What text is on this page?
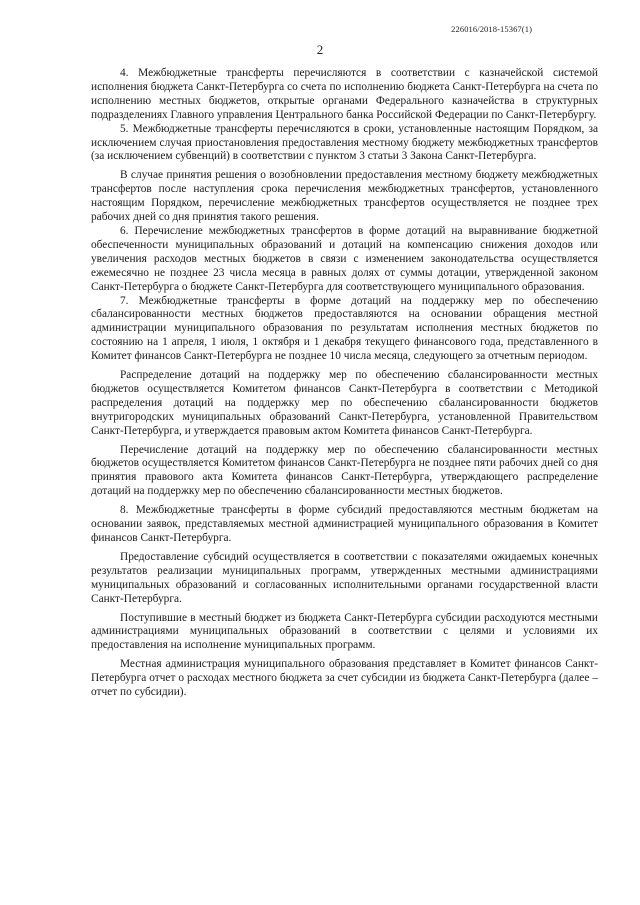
226016/2018-15367(1)
2

4. Межбюджетные трансферты перечисляются в соответствии с казначейской системой исполнения бюджета Санкт-Петербурга со счета по исполнению бюджета Санкт-Петербурга на счета по исполнению местных бюджетов, открытые органами Федерального казначейства в структурных подразделениях Главного управления Центрального банка Российской Федерации по Санкт-Петербургу.

5. Межбюджетные трансферты перечисляются в сроки, установленные настоящим Порядком, за исключением случая приостановления предоставления местному бюджету межбюджетных трансфертов (за исключением субвенций) в соответствии с пунктом 3 статьи 3 Закона Санкт-Петербурга.

В случае принятия решения о возобновлении предоставления местному бюджету межбюджетных трансфертов после наступления срока перечисления межбюджетных трансфертов, установленного настоящим Порядком, перечисление межбюджетных трансфертов осуществляется не позднее трех рабочих дней со дня принятия такого решения.

6. Перечисление межбюджетных трансфертов в форме дотаций на выравнивание бюджетной обеспеченности муниципальных образований и дотаций на компенсацию снижения доходов или увеличения расходов местных бюджетов в связи с изменением законодательства осуществляется ежемесячно не позднее 23 числа месяца в равных долях от суммы дотации, утвержденной законом Санкт-Петербурга о бюджете Санкт-Петербурга для соответствующего муниципального образования.

7. Межбюджетные трансферты в форме дотаций на поддержку мер по обеспечению сбалансированности местных бюджетов предоставляются на основании обращения местной администрации муниципального образования по результатам исполнения местных бюджетов по состоянию на 1 апреля, 1 июля, 1 октября и 1 декабря текущего финансового года, представленного в Комитет финансов Санкт-Петербурга не позднее 10 числа месяца, следующего за отчетным периодом.

Распределение дотаций на поддержку мер по обеспечению сбалансированности местных бюджетов осуществляется Комитетом финансов Санкт-Петербурга в соответствии с Методикой распределения дотаций на поддержку мер по обеспечению сбалансированности бюджетов внутригородских муниципальных образований Санкт-Петербурга, установленной Правительством Санкт-Петербурга, и утверждается правовым актом Комитета финансов Санкт-Петербурга.

Перечисление дотаций на поддержку мер по обеспечению сбалансированности местных бюджетов осуществляется Комитетом финансов Санкт-Петербурга не позднее пяти рабочих дней со дня принятия правового акта Комитета финансов Санкт-Петербурга, утверждающего распределение дотаций на поддержку мер по обеспечению сбалансированности местных бюджетов.

8. Межбюджетные трансферты в форме субсидий предоставляются местным бюджетам на основании заявок, представляемых местной администрацией муниципального образования в Комитет финансов Санкт-Петербурга.

Предоставление субсидий осуществляется в соответствии с показателями ожидаемых конечных результатов реализации муниципальных программ, утвержденных местными администрациями муниципальных образований и согласованных исполнительными органами государственной власти Санкт-Петербурга.

Поступившие в местный бюджет из бюджета Санкт-Петербурга субсидии расходуются местными администрациями муниципальных образований в соответствии с целями и условиями их предоставления на исполнение муниципальных программ.

Местная администрация муниципального образования представляет в Комитет финансов Санкт-Петербурга отчет о расходах местного бюджета за счет субсидии из бюджета Санкт-Петербурга (далее – отчет по субсидии).
